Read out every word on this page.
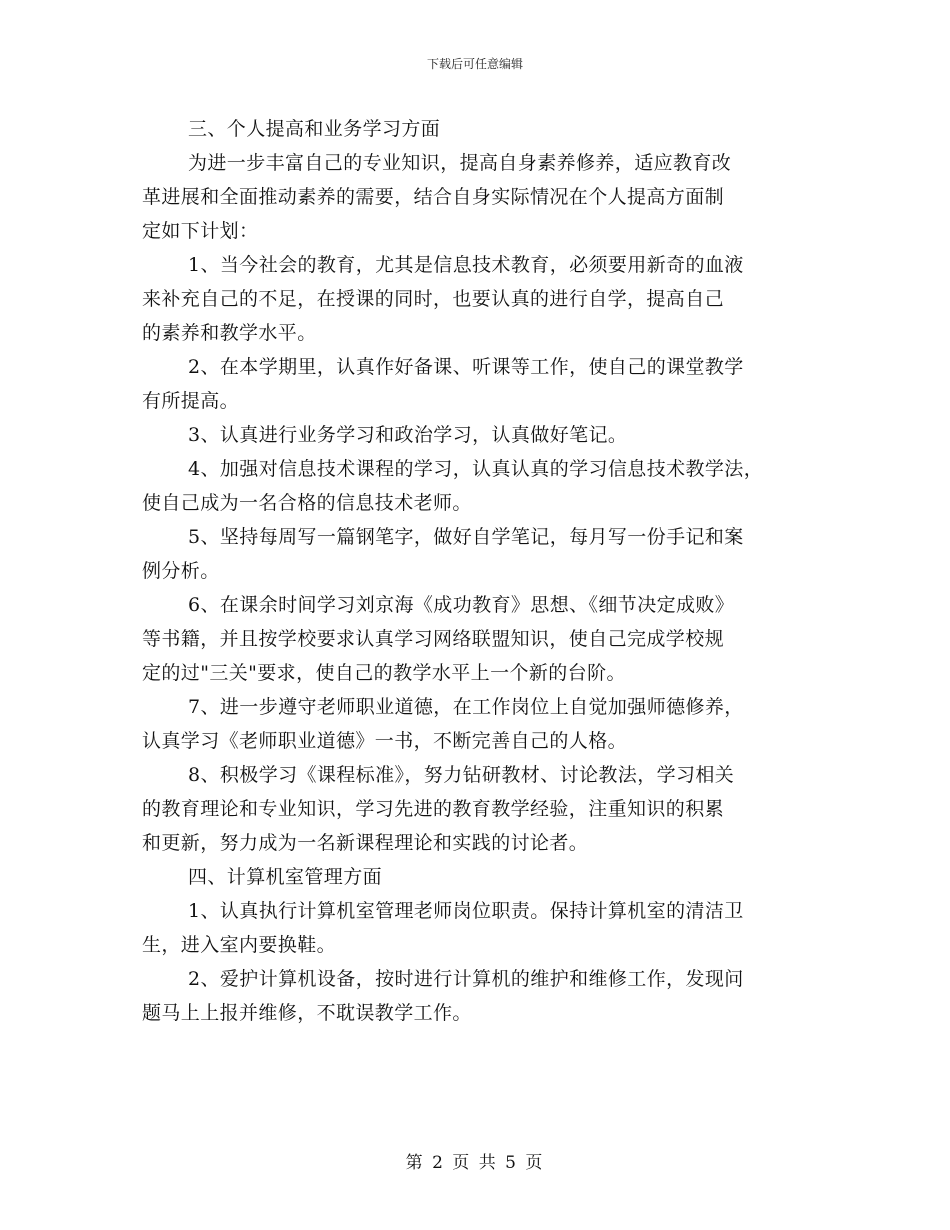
下载后可任意编辑
三、个人提高和业务学习方面
为进一步丰富自己的专业知识，提高自身素养修养，适应教育改
革进展和全面推动素养的需要，结合自身实际情况在个人提高方面制
定如下计划：
1、当今社会的教育，尤其是信息技术教育，必须要用新奇的血液
来补充自己的不足，在授课的同时，也要认真的进行自学，提高自己
的素养和教学水平。
2、在本学期里，认真作好备课、听课等工作，使自己的课堂教学
有所提高。
3、认真进行业务学习和政治学习，认真做好笔记。
4、加强对信息技术课程的学习，认真认真的学习信息技术教学法，
使自己成为一名合格的信息技术老师。
5、坚持每周写一篇钢笔字，做好自学笔记，每月写一份手记和案
例分析。
6、在课余时间学习刘京海《成功教育》思想、《细节决定成败》
等书籍，并且按学校要求认真学习网络联盟知识，使自己完成学校规
定的过"三关"要求，使自己的教学水平上一个新的台阶。
7、进一步遵守老师职业道德，在工作岗位上自觉加强师德修养，
认真学习《老师职业道德》一书，不断完善自己的人格。
8、积极学习《课程标准》，努力钻研教材、讨论教法，学习相关
的教育理论和专业知识，学习先进的教育教学经验，注重知识的积累
和更新，努力成为一名新课程理论和实践的讨论者。
四、计算机室管理方面
1、认真执行计算机室管理老师岗位职责。保持计算机室的清洁卫
生，进入室内要换鞋。
2、爱护计算机设备，按时进行计算机的维护和维修工作，发现问
题马上上报并维修，不耽误教学工作。
第 2 页 共 5 页
